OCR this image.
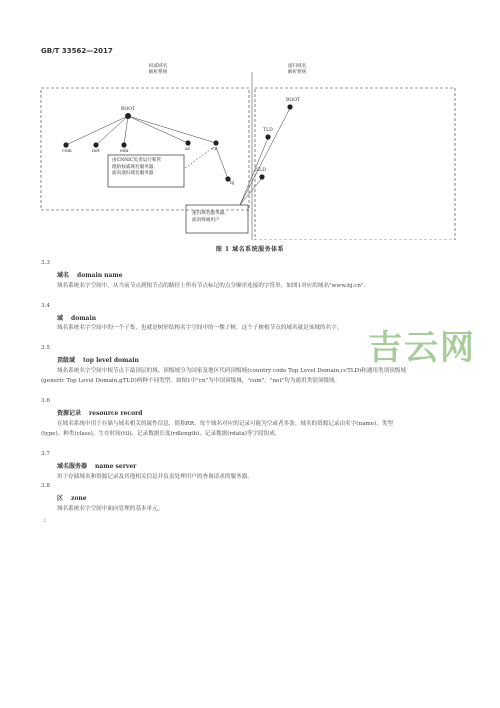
GB/T 33562—2017
权威域名
解析系统
递归域名
解析系统
ROOT
ROOT
com	net	edu	cn
ac
bj
TLD
SLD
由CNNIC负责运行和管
理的权威域名服务器,
面向递归域名服务器
递归域名服务器,
面向终端用户
图 1 域名系统服务体系
3.3
域名 domain name
域名系统名字空间中，从当前节点到根节点的路径上所有节点标记的点分顺序连接的字符串，如图1对应的域名"www.bj.cn"。
3.4
域 domain
域名系统名字空间中的一个子集，也就是树形结构名字空间中的一棵子树。这个子树根节点的域名就是该域的名字。
3.5
顶级域 top level domain
域名系统名字空间中根节点下最顶层的域。顶级域分为国家及地区代码顶级域(country code Top Level Domain,ccTLD)和通用类别顶级域(generic Top Level Domain,gTLD)两种不同类型。如图1中"cn"为中国顶级域，"com"，"net"均为通用类别顶级域。
3.6
资源记录 resource record
在域名系统中用于存储与域名相关的属性信息，简称RR。每个域名对应的记录可能为空或者多条。域名的资源记录由名字(name)、类型(type)、种类(class)、生存时间(ttl)、记录数据长度(rdlength)、记录数据(rdata)等字段组成。
3.7
域名服务器 name server
用于存储域名和资源记录及其他相关信息并负责处理用户的查询请求的服务器。
3.8
区 zone
域名系统名字空间中面向管理的基本单元。
2
吉云网
